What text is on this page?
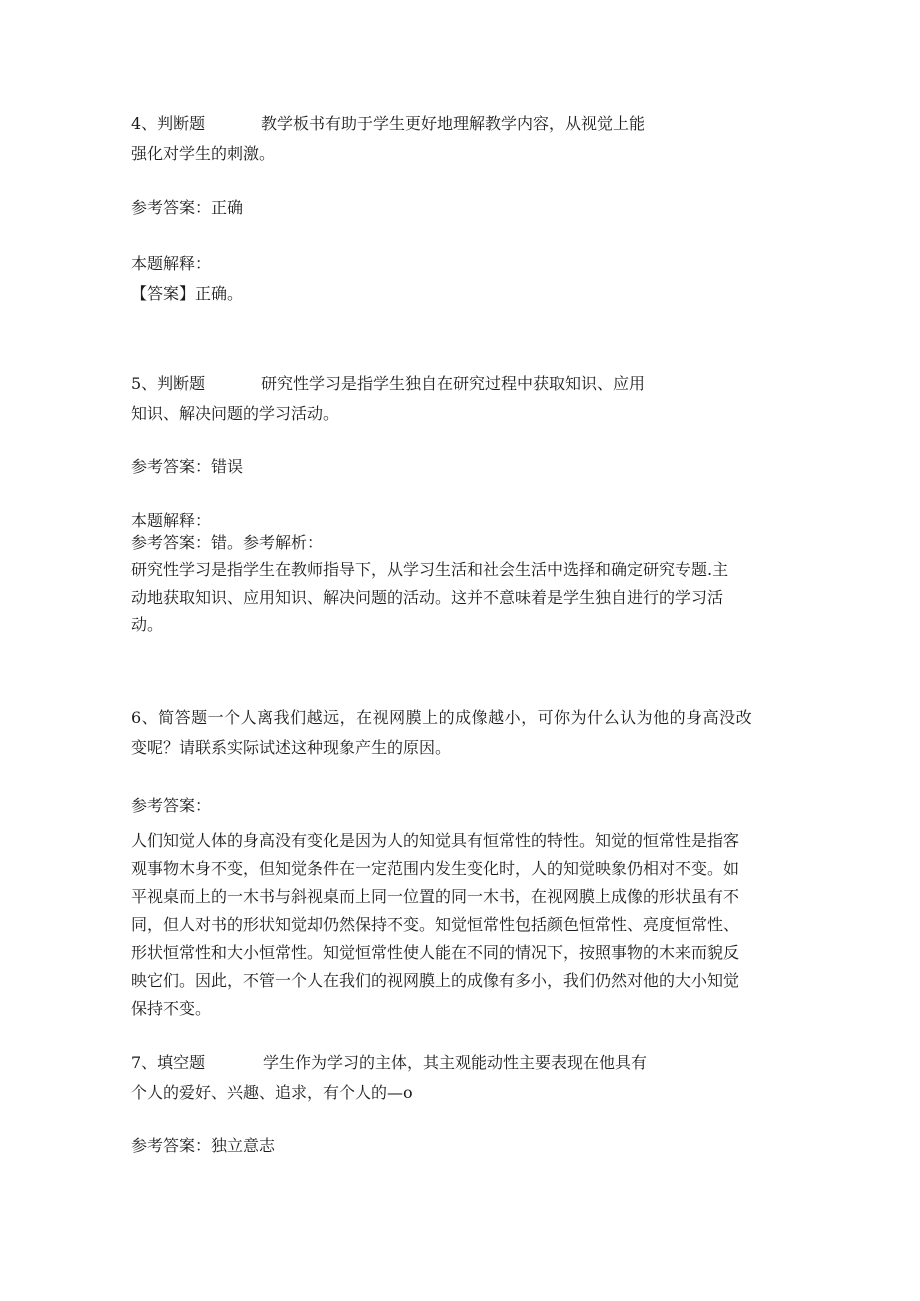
4、判断题	教学板书有助于学生更好地理解教学内容，从视觉上能

强化对学生的刺激。

参考答案：正确

本题解释：

【答案】正确。

5、判断题	研究性学习是指学生独自在研究过程中获取知识、应用

知识、解决问题的学习活动。

参考答案：错误

本题解释：

参考答案：错。参考解析：

研究性学习是指学生在教师指导下，从学习生活和社会生活中选择和确定研究专题.主

动地获取知识、应用知识、解决问题的活动。这并不意味着是学生独自进行的学习活

动。

6、简答题一个人离我们越远，在视网膜上的成像越小，可你为什么认为他的身高没改

变呢？请联系实际试述这种现象产生的原因。

参考答案：

人们知觉人体的身高没有变化是因为人的知觉具有恒常性的特性。知觉的恒常性是指客

观事物木身不变，但知觉条件在一定范围内发生变化时，人的知觉映象仍相对不变。如

平视桌而上的一木书与斜视桌而上同一位置的同一木书，在视网膜上成像的形状虽有不

同，但人对书的形状知觉却仍然保持不变。知觉恒常性包括颜色恒常性、亮度恒常性、

形状恒常性和大小恒常性。知觉恒常性使人能在不同的情况下，按照事物的木来而貌反

映它们。因此，不管一个人在我们的视网膜上的成像有多小，我们仍然对他的大小知觉

保持不变。

7、填空题	学生作为学习的主体，其主观能动性主要表现在他具有

个人的爱好、兴趣、追求，有个人的—o

参考答案：独立意志
